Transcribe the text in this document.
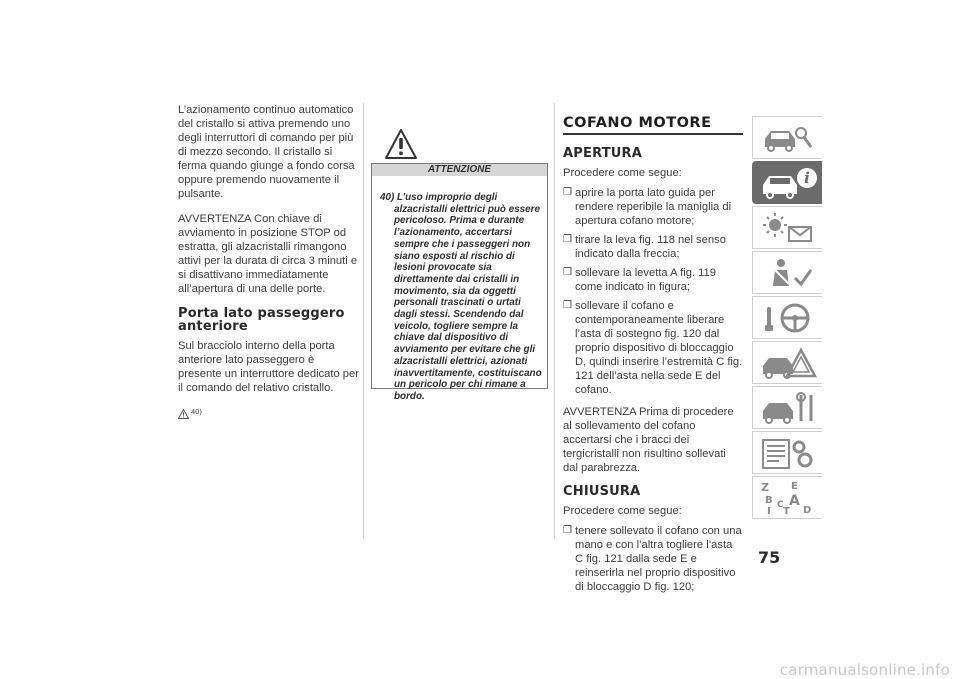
L’azionamento continuo automatico del cristallo si attiva premendo uno degli interruttori di comando per più di mezzo secondo. Il cristallo si ferma quando giunge a fondo corsa oppure premendo nuovamente il pulsante.

AVVERTENZA Con chiave di avviamento in posizione STOP od estratta, gli alzacristalli rimangono attivi per la durata di circa 3 minuti e si disattivano immediatamente all’apertura di una delle porte.

Porta lato passeggero anteriore

Sul bracciolo interno della porta anteriore lato passeggero è presente un interruttore dedicato per il comando del relativo cristallo.

40)
ATTENZIONE
40) L’uso improprio degli alzacristalli elettrici può essere pericoloso. Prima e durante l’azionamento, accertarsi sempre che i passeggeri non siano esposti al rischio di lesioni provocate sia direttamente dai cristalli in movimento, sia da oggetti personali trascinati o urtati dagli stessi. Scendendo dal veicolo, togliere sempre la chiave dal dispositivo di avviamento per evitare che gli alzacristalli elettrici, azionati inavvertitamente, costituiscano un pericolo per chi rimane a bordo.
COFANO MOTORE
APERTURA

Procedere come segue:

❒ aprire la porta lato guida per rendere reperibile la maniglia di apertura cofano motore;
❒ tirare la leva fig. 118 nel senso indicato dalla freccia;
❒ sollevare la levetta A fig. 119 come indicato in figura;
❒ sollevare il cofano e contemporaneamente liberare l’asta di sostegno fig. 120 dal proprio dispositivo di bloccaggio D, quindi inserire l’estremità C fig. 121 dell’asta nella sede E del cofano.

AVVERTENZA Prima di procedere al sollevamento del cofano accertarsi che i bracci dei tergicristalli non risultino sollevati dal parabrezza.

CHIUSURA

Procedere come segue:

❒ tenere sollevato il cofano con una mano e con l’altra togliere l’asta C fig. 121 dalla sede E e reinserirla nel proprio dispositivo di bloccaggio D fig. 120;
i
Z E
B A
C
T D
I
75
carmanualsonline.info
